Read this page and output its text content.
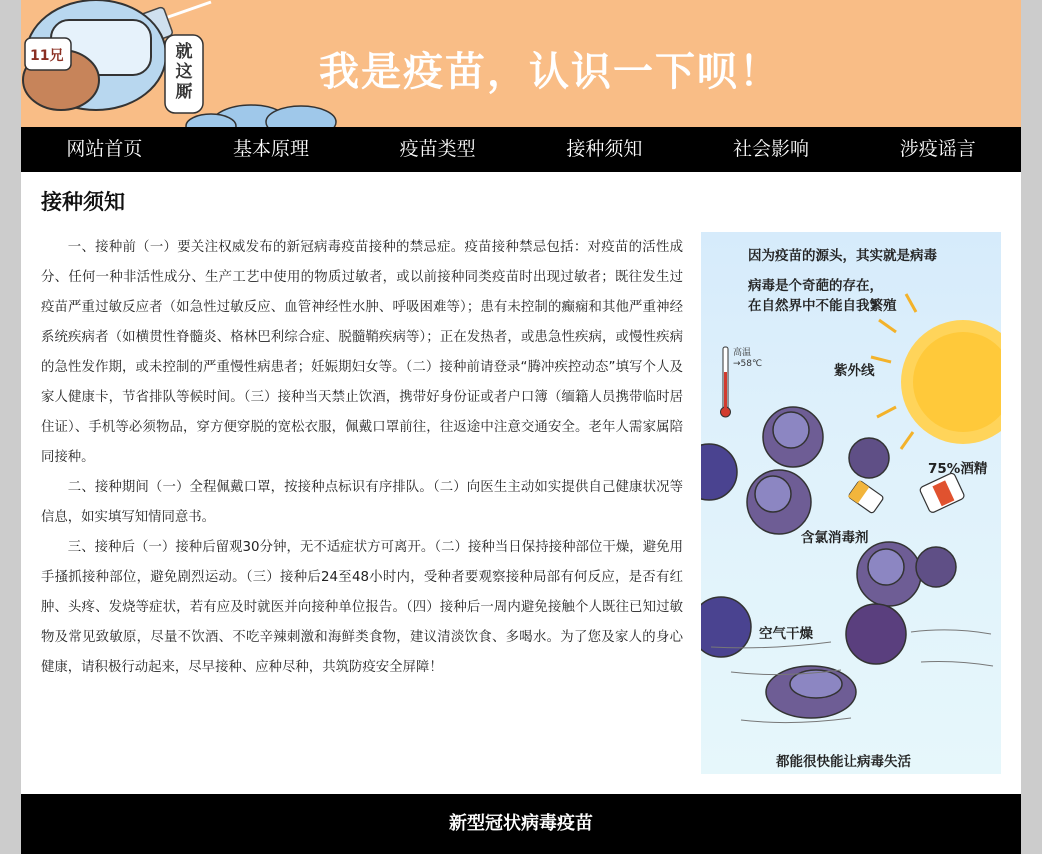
11兄	就这厮	我是疫苗，认识一下呗！
网站首页	基本原理	疫苗类型	接种须知	社会影响	涉疫谣言
接种须知

一、接种前（一）要关注权威发布的新冠病毒疫苗接种的禁忌症。疫苗接种禁忌包括：对疫苗的活性成分、任何一种非活性成分、生产工艺中使用的物质过敏者，或以前接种同类疫苗时出现过敏者；既往发生过疫苗严重过敏反应者（如急性过敏反应、血管神经性水肿、呼吸困难等）；患有未控制的癫痫和其他严重神经系统疾病者（如横贯性脊髓炎、格林巴利综合症、脱髓鞘疾病等）；正在发热者，或患急性疾病，或慢性疾病的急性发作期，或未控制的严重慢性病患者；妊娠期妇女等。（二）接种前请登录“腾冲疾控动态”填写个人及家人健康卡，节省排队等候时间。（三）接种当天禁止饮酒，携带好身份证或者户口簿（缅籍人员携带临时居住证）、手机等必须物品，穿方便穿脱的宽松衣服，佩戴口罩前往，往返途中注意交通安全。老年人需家属陪同接种。

二、接种期间（一）全程佩戴口罩，按接种点标识有序排队。（二）向医生主动如实提供自己健康状况等信息，如实填写知情同意书。

三、接种后（一）接种后留观30分钟，无不适症状方可离开。（二）接种当日保持接种部位干燥，避免用手搔抓接种部位，避免剧烈运动。（三）接种后24至48小时内，受种者要观察接种局部有何反应，是否有红肿、头疼、发烧等症状，若有应及时就医并向接种单位报告。（四）接种后一周内避免接触个人既往已知过敏物及常见致敏原，尽量不饮酒、不吃辛辣刺激和海鲜类食物，建议清淡饮食、多喝水。为了您及家人的身心健康，请积极行动起来，尽早接种、应种尽种，共筑防疫安全屏障！

因为疫苗的源头，其实就是病毒
病毒是个奇葩的存在，
在自然界中不能自我繁殖
紫外线
高温
→58℃
75%酒精
含氯消毒剂
空气干燥
都能很快能让病毒失活
新型冠状病毒疫苗
